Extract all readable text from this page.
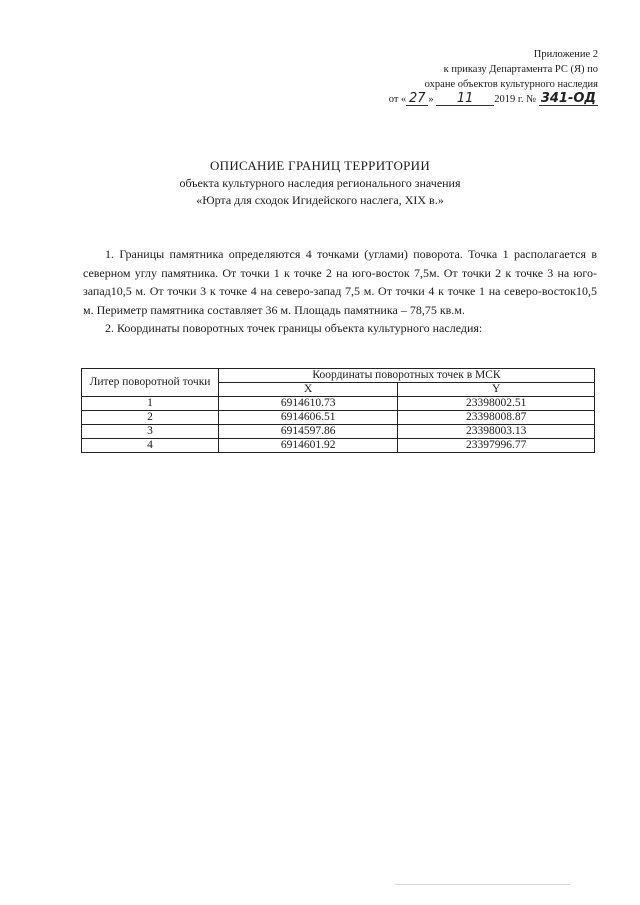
Приложение 2
к приказу Департамента РС (Я) по
охране объектов культурного наследия
от « 27 »
	11	2019 г. №
341-ОД
ОПИСАНИЕ ГРАНИЦ ТЕРРИТОРИИ
объекта культурного наследия регионального значения
«Юрта для сходок Игидейского наслега, XIX в.»

1. Границы памятника определяются 4 точками (углами) поворота. Точка 1 располагается в северном углу памятника. От точки 1 к точке 2 на юго-восток 7,5м. От точки 2 к точке 3 на юго-запад10,5 м. От точки 3 к точке 4 на северо-запад 7,5 м. От точки 4 к точке 1 на северо-восток10,5 м. Периметр памятника составляет 36 м. Площадь памятника – 78,75 кв.м.

2. Координаты поворотных точек границы объекта культурного наследия:

Литер поворотной точки	Координаты поворотных точек в МСК	
	X	Y
1	6914610.73	23398002.51
2	6914606.51	23398008.87
3	6914597.86	23398003.13
4	6914601.92	23397996.77
